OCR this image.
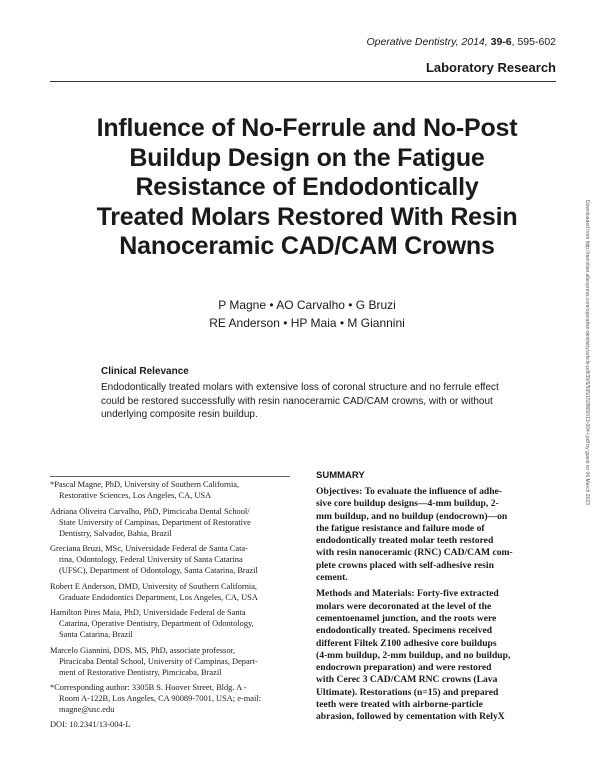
Operative Dentistry, 2014, 39-6, 595-602
Laboratory Research
Influence of No-Ferrule and No-Post
Buildup Design on the Fatigue
Resistance of Endodontically
Treated Molars Restored With Resin
Nanoceramic CAD/CAM Crowns
P Magne • AO Carvalho • G Bruzi
RE Anderson • HP Maia • M Giannini
Clinical Relevance
Endodontically treated molars with extensive loss of coronal structure and no ferrule effect
could be restored successfully with resin nanoceramic CAD/CAM crowns, with or without
underlying composite resin buildup.
*Pascal Magne, PhD, University of Southern California,
Restorative Sciences, Los Angeles, CA, USA
Adriana Oliveira Carvalho, PhD, Pimcicaba Dental School/
State University of Campinas, Department of Restorative
Dentistry, Salvador, Bahia, Brazil
Greciana Bruzi, MSc, Universidade Federal de Santa Cata-
rina, Odontology, Federal University of Santa Catarina
(UFSC), Department of Odontology, Santa Catarina, Brazil
Robert E Anderson, DMD, University of Southern California,
Graduate Endodontics Department, Los Angeles, CA, USA
Hamilton Pires Maia, PhD, Universidade Federal de Santa
Catarina, Operative Dentistry, Department of Odontology,
Santa Catarina, Brazil
Marcelo Giannini, DDS, MS, PhD, associate professor,
Piracicaba Dental School, University of Campinas, Depart-
ment of Restorative Dentistry, Pimcicaba, Brazil
*Corresponding author: 3305B S. Hoover Street, Bldg. A -
Room A-122B, Los Angeles, CA 90089-7001, USA; e-mail:
magne@usc.edu
DOI: 10.2341/13-004-L
SUMMARY
Objectives: To evaluate the influence of adhe-
sive core buildup designs—4-mm buildup, 2-
mm buildup, and no buildup (endocrown)—on
the fatigue resistance and failure mode of
endodontically treated molar teeth restored
with resin nanoceramic (RNC) CAD/CAM com-
plete crowns placed with self-adhesive resin
cement.
Methods and Materials: Forty-five extracted
molars were decoronated at the level of the
cementoenamel junction, and the roots were
endodontically treated. Specimens received
different Filtek Z100 adhesive core buildups
(4-mm buildup, 2-mm buildup, and no buildup,
endocrown preparation) and were restored
with Cerec 3 CAD/CAM RNC crowns (Lava
Ultimate). Restorations (n=15) and prepared
teeth were treated with airborne-particle
abrasion, followed by cementation with RelyX
Downloaded from http://meridian.allenpress.com/operative-dentistry/article-pdf/39/6/595/1528650/13-004-l.pdf by guest on 06 March 2023
